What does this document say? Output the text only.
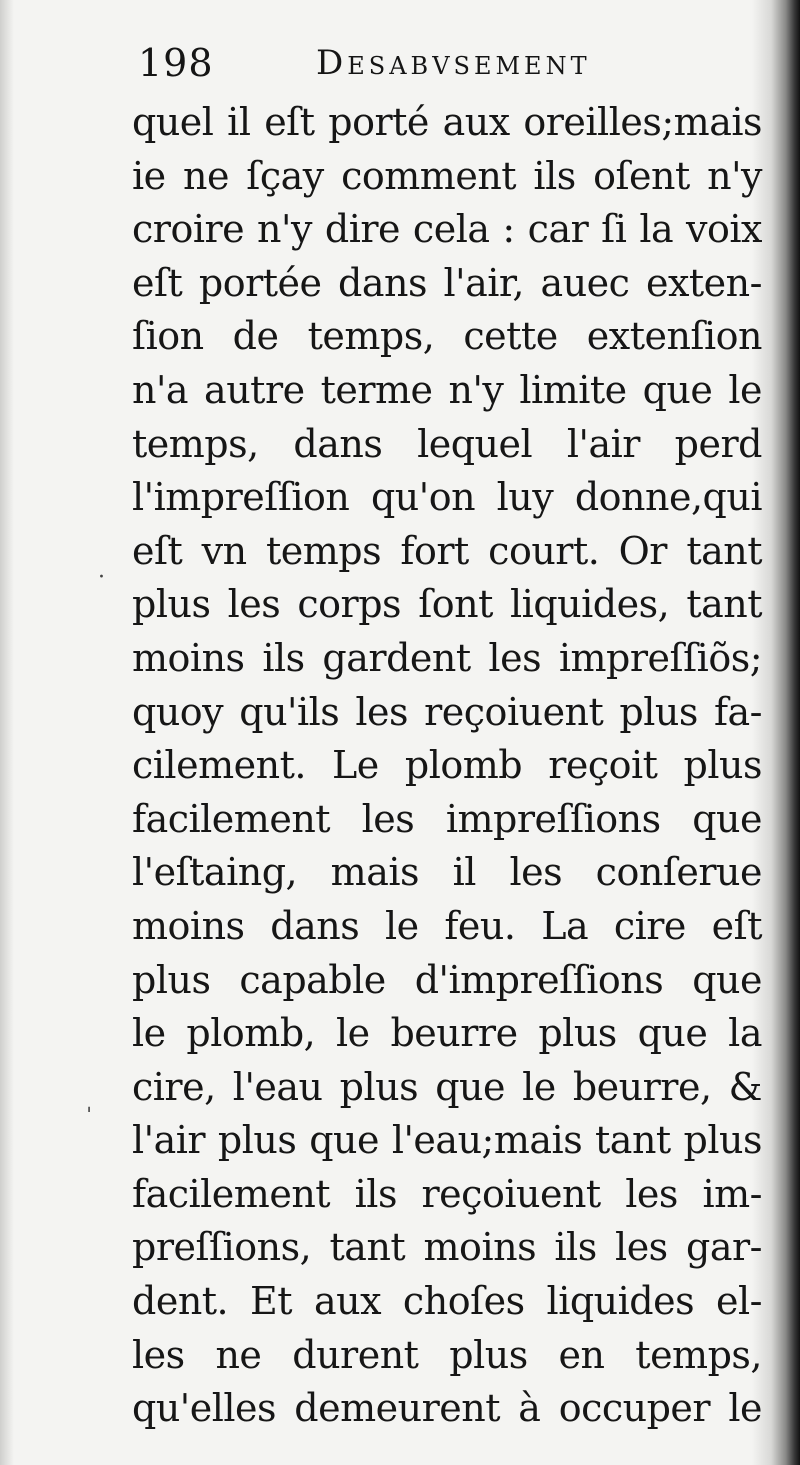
198	Desabvsement
quel il eſt porté aux oreilles;mais
ie ne ſçay comment ils oſent n'y
croire n'y dire cela : car ſi la voix
eſt portée dans l'air, auec exten-
ſion de temps, cette extenſion
n'a autre terme n'y limite que le
temps, dans lequel l'air perd
l'impreſſion qu'on luy donne,qui
eſt vn temps fort court. Or tant
plus les corps ſont liquides, tant
moins ils gardent les impreſſiõs;
quoy qu'ils les reçoiuent plus fa-
cilement. Le plomb reçoit plus
facilement les impreſſions que
l'eſtaing, mais il les conſerue
moins dans le feu. La cire eſt
plus capable d'impreſſions que
le plomb, le beurre plus que la
cire, l'eau plus que le beurre, &
l'air plus que l'eau;mais tant plus
facilement ils reçoiuent les im-
preſſions, tant moins ils les gar-
dent. Et aux choſes liquides el-
les ne durent plus en temps,
qu'elles demeurent à occuper le
·
ˌ
